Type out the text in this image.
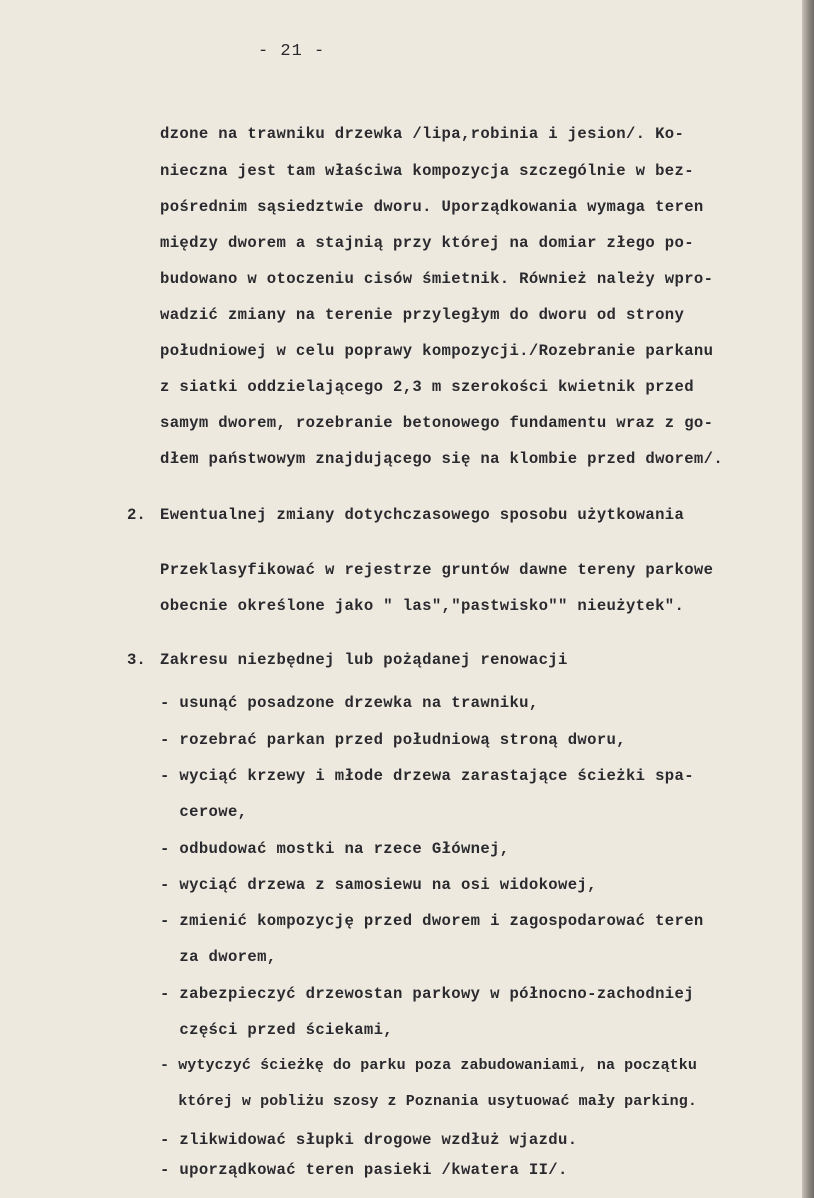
- 21 -
dzone na trawniku drzewka /lipa,robinia i jesion/. Ko-
nieczna jest tam właściwa kompozycja szczególnie w bez-
pośrednim sąsiedztwie dworu. Uporządkowania wymaga teren
między dworem a stajnią przy której na domiar złego po-
budowano w otoczeniu cisów śmietnik. Również należy wpro-
wadzić zmiany na terenie przyległym do dworu od strony
południowej w celu poprawy kompozycji./Rozebranie parkanu
z siatki oddzielającego 2,3 m szerokości kwietnik przed
samym dworem, rozebranie betonowego fundamentu wraz z go-
dłem państwowym znajdującego się na klombie przed dworem/.
2. Ewentualnej zmiany dotychczasowego sposobu użytkowania
Przeklasyfikować w rejestrze gruntów dawne tereny parkowe
obecnie określone jako " las","pastwisko"" nieużytek".
3. Zakresu niezbędnej lub pożądanej renowacji
- usunąć posadzone drzewka na trawniku,
- rozebrać parkan przed południową stroną dworu,
- wyciąć krzewy i młode drzewa zarastające ścieżki spa-
cerowe,
- odbudować mostki na rzece Głównej,
- wyciąć drzewa z samosiewu na osi widokowej,
- zmienić kompozycję przed dworem i zagospodarować teren
za dworem,
- zabezpieczyć drzewostan parkowy w północno-zachodniej
części przed ściekami,
- wytyczyć ścieżkę do parku poza zabudowaniami, na początku
której w pobliżu szosy z Poznania usytuować mały parking.
- zlikwidować słupki drogowe wzdłuż wjazdu.
- uporządkować teren pasieki /kwatera II/.
